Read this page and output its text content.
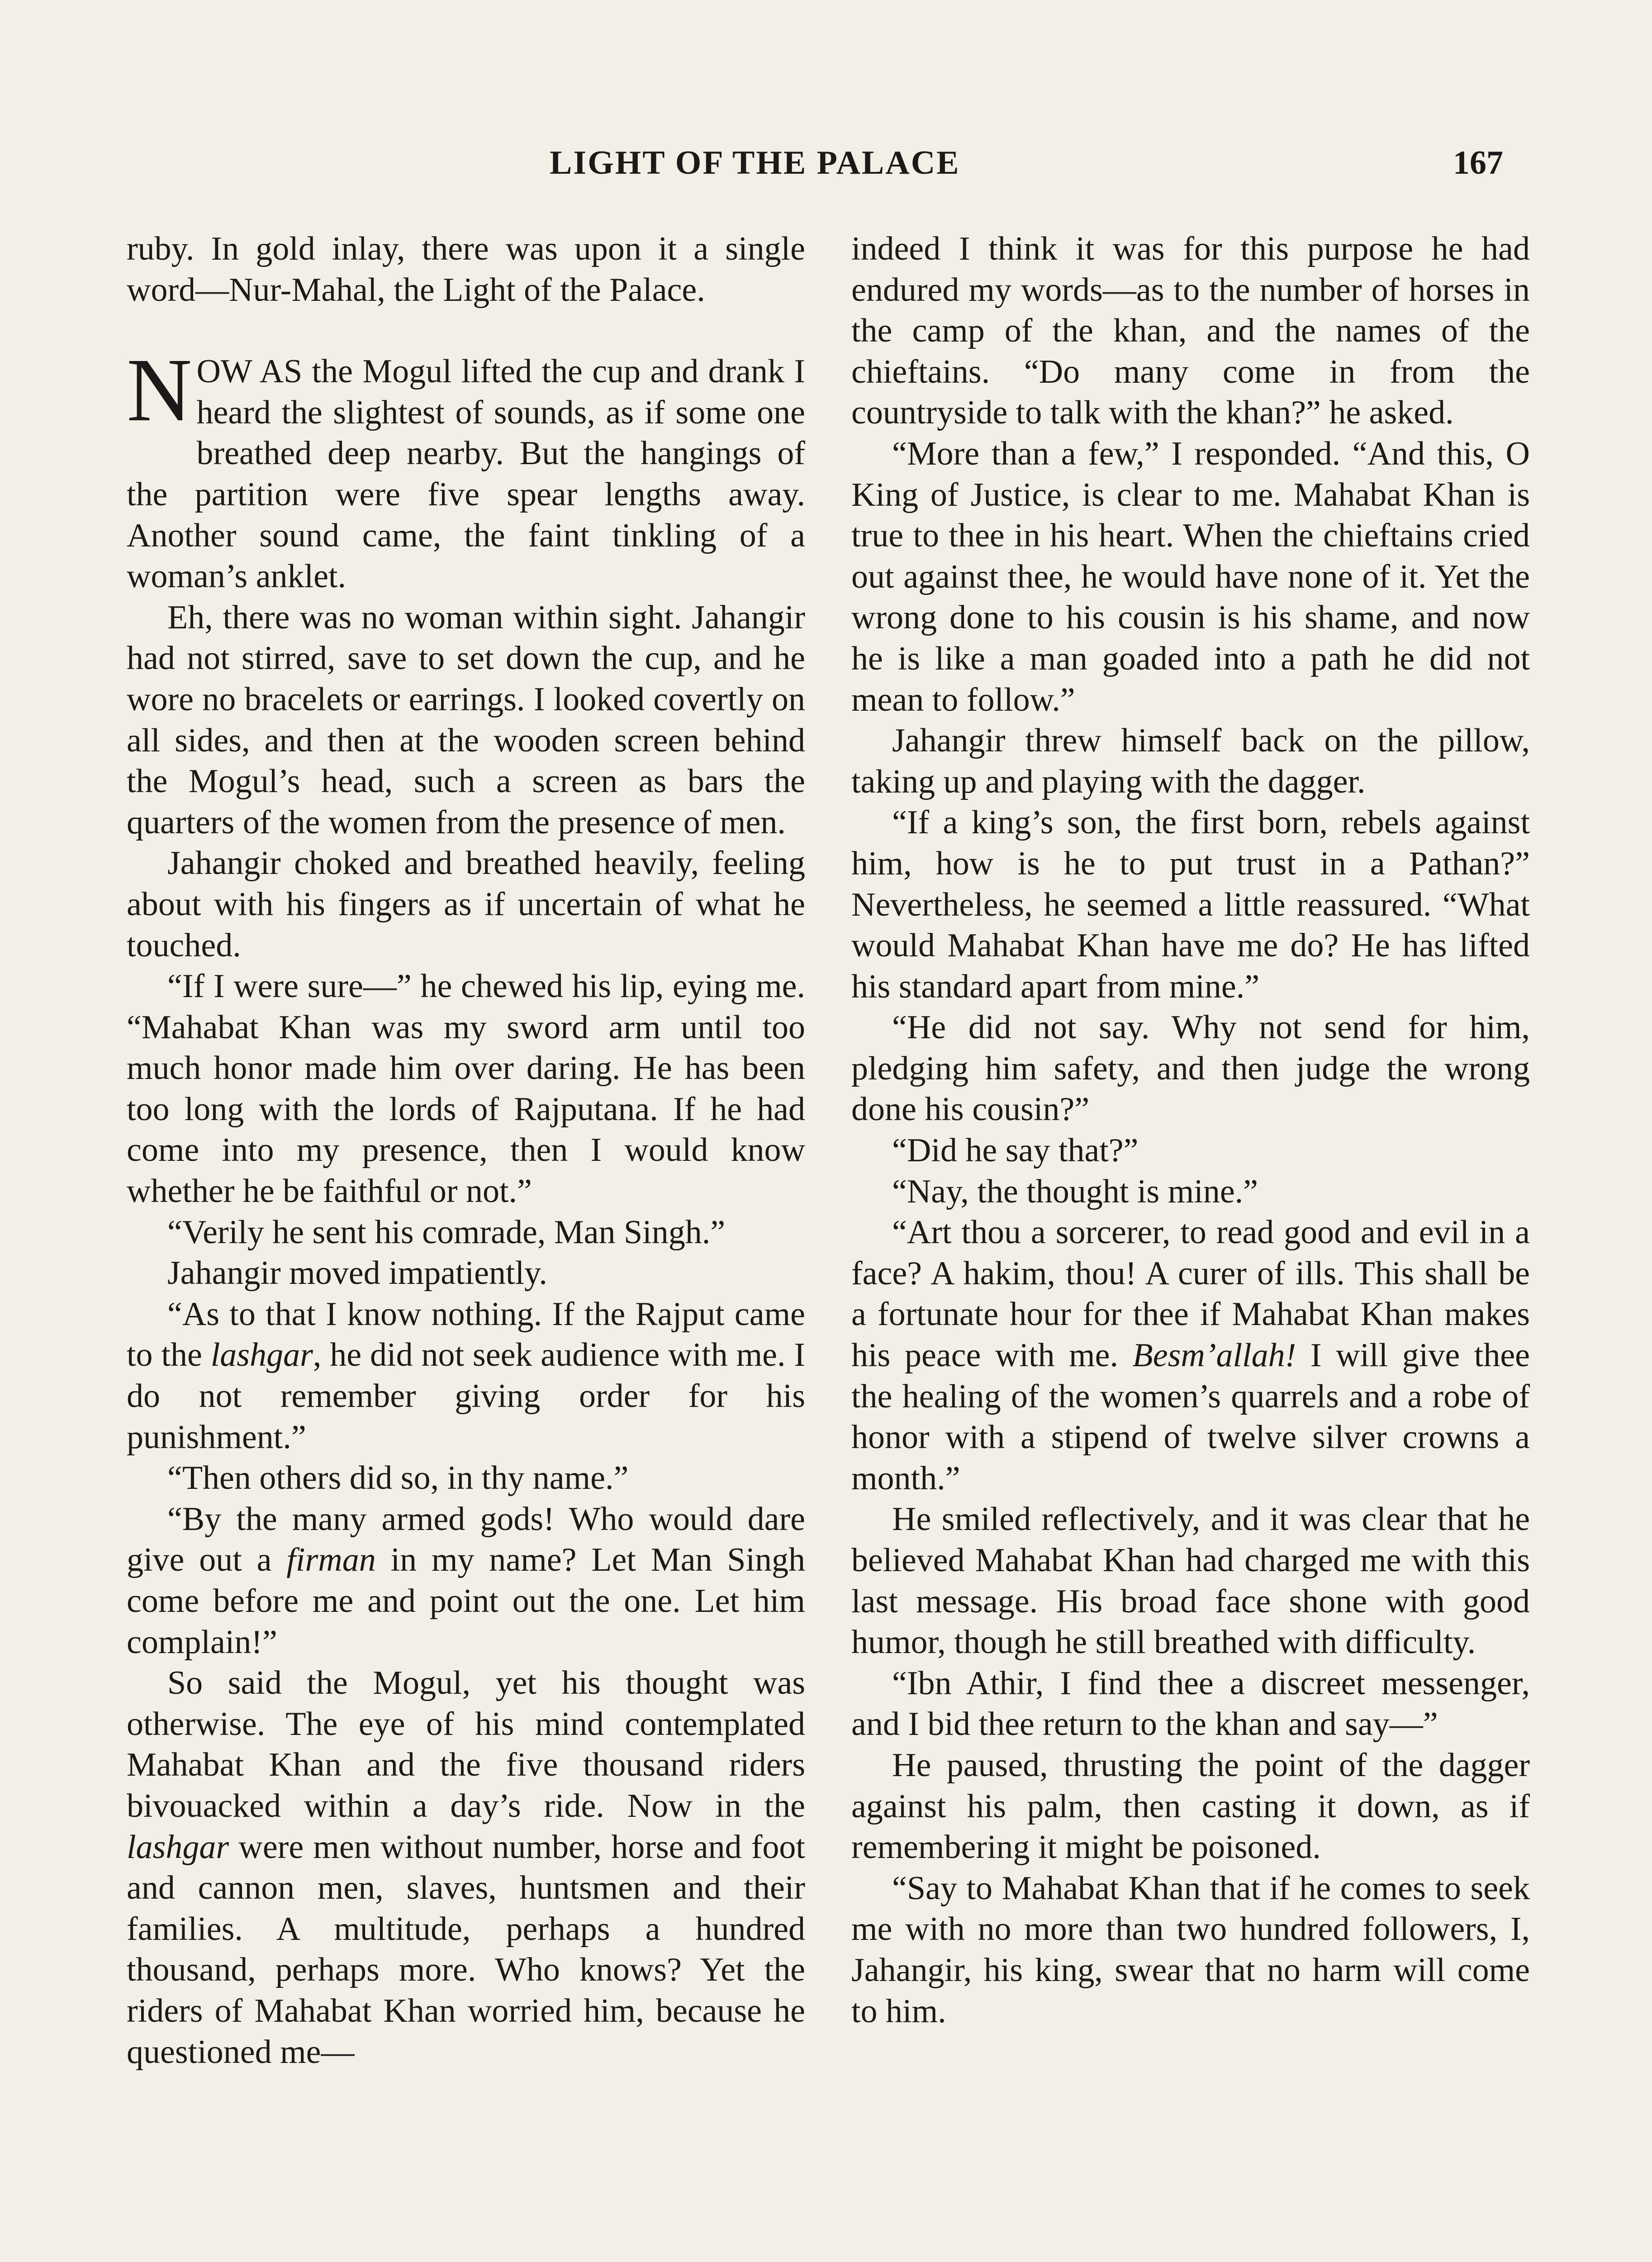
LIGHT OF THE PALACE	167

ruby. In gold inlay, there was upon it a single word—Nur-Mahal, the Light of the Palace.

NOW AS the Mogul lifted the cup and drank I heard the slightest of sounds, as if some one breathed deep nearby. But the hangings of the partition were five spear lengths away. Another sound came, the faint tinkling of a woman’s anklet.

Eh, there was no woman within sight. Jahangir had not stirred, save to set down the cup, and he wore no bracelets or earrings. I looked covertly on all sides, and then at the wooden screen behind the Mogul’s head, such a screen as bars the quarters of the women from the presence of men.

Jahangir choked and breathed heavily, feeling about with his fingers as if uncertain of what he touched.

“If I were sure—” he chewed his lip, eying me. “Mahabat Khan was my sword arm until too much honor made him over daring. He has been too long with the lords of Rajputana. If he had come into my presence, then I would know whether he be faithful or not.”

“Verily he sent his comrade, Man Singh.”

Jahangir moved impatiently.

“As to that I know nothing. If the Rajput came to the lashgar, he did not seek audience with me. I do not remember giving order for his punishment.”

“Then others did so, in thy name.”

“By the many armed gods! Who would dare give out a firman in my name? Let Man Singh come before me and point out the one. Let him complain!”

So said the Mogul, yet his thought was otherwise. The eye of his mind contemplated Mahabat Khan and the five thousand riders bivouacked within a day’s ride. Now in the lashgar were men without number, horse and foot and cannon men, slaves, huntsmen and their families. A multitude, perhaps a hundred thousand, perhaps more. Who knows? Yet the riders of Mahabat Khan worried him, because he questioned me—

indeed I think it was for this purpose he had endured my words—as to the number of horses in the camp of the khan, and the names of the chieftains. “Do many come in from the countryside to talk with the khan?” he asked.

“More than a few,” I responded. “And this, O King of Justice, is clear to me. Mahabat Khan is true to thee in his heart. When the chieftains cried out against thee, he would have none of it. Yet the wrong done to his cousin is his shame, and now he is like a man goaded into a path he did not mean to follow.”

Jahangir threw himself back on the pillow, taking up and playing with the dagger.

“If a king’s son, the first born, rebels against him, how is he to put trust in a Pathan?” Nevertheless, he seemed a little reassured. “What would Mahabat Khan have me do? He has lifted his standard apart from mine.”

“He did not say. Why not send for him, pledging him safety, and then judge the wrong done his cousin?”

“Did he say that?”

“Nay, the thought is mine.”

“Art thou a sorcerer, to read good and evil in a face? A hakim, thou! A curer of ills. This shall be a fortunate hour for thee if Mahabat Khan makes his peace with me. Besm’allah! I will give thee the healing of the women’s quarrels and a robe of honor with a stipend of twelve silver crowns a month.”

He smiled reflectively, and it was clear that he believed Mahabat Khan had charged me with this last message. His broad face shone with good humor, though he still breathed with difficulty.

“Ibn Athir, I find thee a discreet messenger, and I bid thee return to the khan and say—”

He paused, thrusting the point of the dagger against his palm, then casting it down, as if remembering it might be poisoned.

“Say to Mahabat Khan that if he comes to seek me with no more than two hundred followers, I, Jahangir, his king, swear that no harm will come to him.
